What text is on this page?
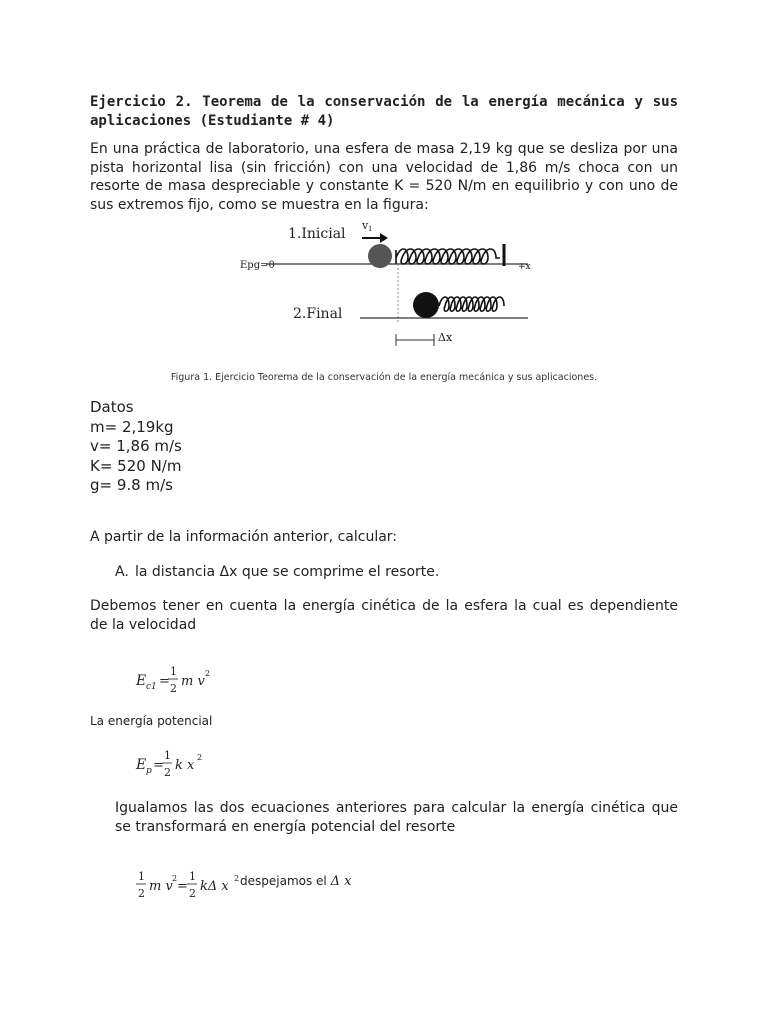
Ejercicio 2. Teorema de la conservación de la energía mecánica y sus aplicaciones (Estudiante # 4)

En una práctica de laboratorio, una esfera de masa 2,19 kg que se desliza por una pista horizontal lisa (sin fricción) con una velocidad de 1,86 m/s choca con un resorte de masa despreciable y constante K = 520 N/m en equilibrio y con uno de sus extremos fijo, como se muestra en la figura:

1.Inicial
v 1
Epg=0	+x
2.Final
Δx

Figura 1. Ejercicio Teorema de la conservación de la energía mecánica y sus aplicaciones.

Datos
m= 2,19kg
v= 1,86 m/s
K= 520 N/m
g= 9.8 m/s

A partir de la información anterior, calcular:

A. la distancia Δx que se comprime el resorte.

Debemos tener en cuenta la energía cinética de la esfera la cual es dependiente de la velocidad

E c1 =
1
2 m v
2
La energía potencial
E p =
1
2 k x
2

Igualamos las dos ecuaciones anteriores para calcular la energía cinética que se transformará en energía potencial del resorte

1
2 m v
2
=
1
2 kΔ x
2 despejamos el Δ x
